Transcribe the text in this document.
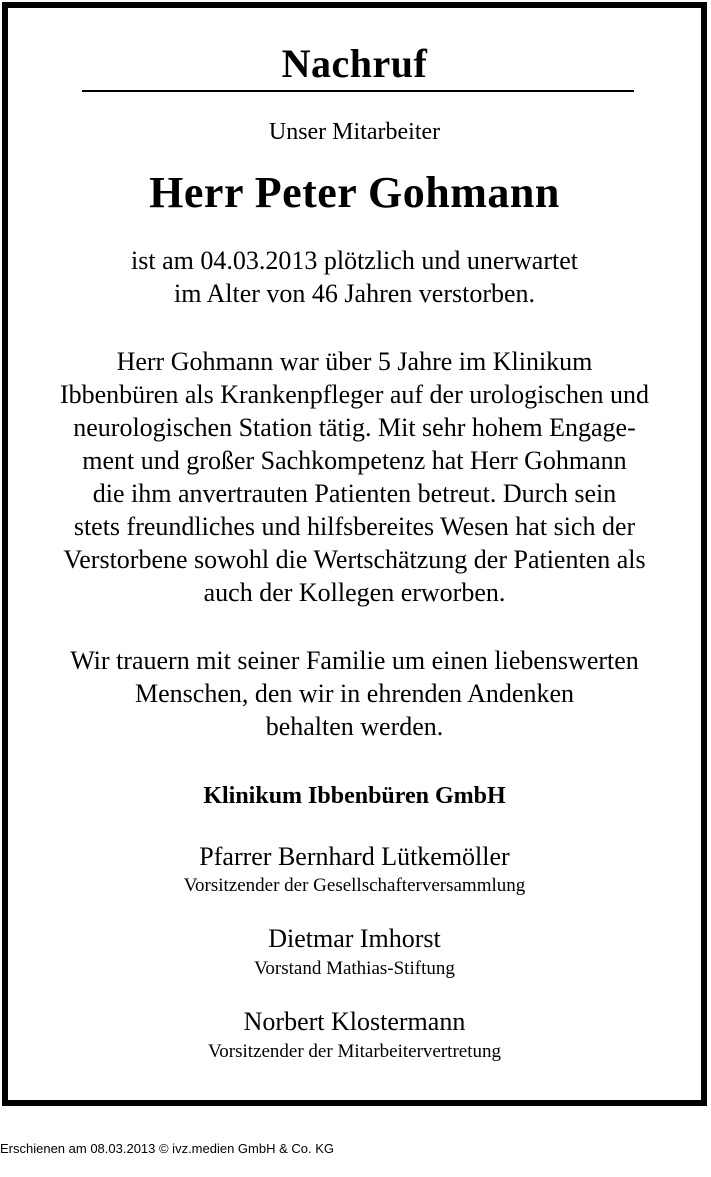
Nachruf
Unser Mitarbeiter
Herr Peter Gohmann
ist am 04.03.2013 plötzlich und unerwartet
im Alter von 46 Jahren verstorben.
Herr Gohmann war über 5 Jahre im Klinikum
Ibbenbüren als Krankenpfleger auf der urologischen und
neurologischen Station tätig. Mit sehr hohem Engage-
ment und großer Sachkompetenz hat Herr Gohmann
die ihm anvertrauten Patienten betreut. Durch sein
stets freundliches und hilfsbereites Wesen hat sich der
Verstorbene sowohl die Wertschätzung der Patienten als
auch der Kollegen erworben.
Wir trauern mit seiner Familie um einen liebenswerten
Menschen, den wir in ehrenden Andenken
behalten werden.
Klinikum Ibbenbüren GmbH
Pfarrer Bernhard Lütkemöller
Vorsitzender der Gesellschafterversammlung
Dietmar Imhorst
Vorstand Mathias-Stiftung
Norbert Klostermann
Vorsitzender der Mitarbeitervertretung
Erschienen am 08.03.2013 © ivz.medien GmbH & Co. KG
